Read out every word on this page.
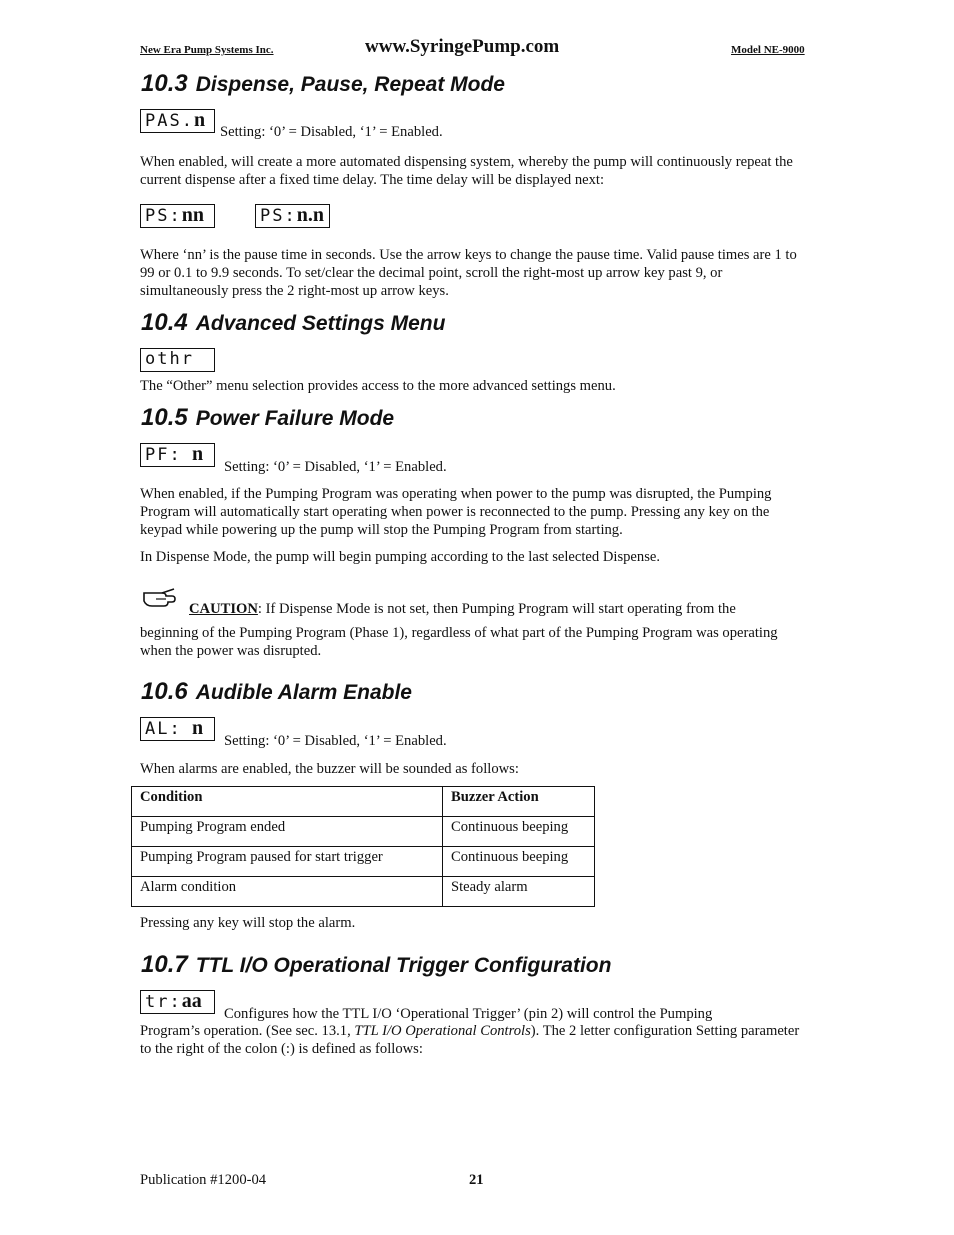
New Era Pump Systems Inc.	www.SyringePump.com	Model NE-9000
10.3 Dispense, Pause, Repeat Mode
PAS.n
Setting: ‘0’ = Disabled, ‘1’ = Enabled.
When enabled, will create a more automated dispensing system, whereby the pump will continuously repeat the current dispense after a fixed time delay. The time delay will be displayed next:
PS:nn	PS:n.n
Where ‘nn’ is the pause time in seconds. Use the arrow keys to change the pause time. Valid pause times are 1 to 99 or 0.1 to 9.9 seconds. To set/clear the decimal point, scroll the right-most up arrow key past 9, or simultaneously press the 2 right-most up arrow keys.
10.4 Advanced Settings Menu
othr
The “Other” menu selection provides access to the more advanced settings menu.
10.5 Power Failure Mode
PF: n
Setting: ‘0’ = Disabled, ‘1’ = Enabled.
When enabled, if the Pumping Program was operating when power to the pump was disrupted, the Pumping Program will automatically start operating when power is reconnected to the pump. Pressing any key on the keypad while powering up the pump will stop the Pumping Program from starting.
In Dispense Mode, the pump will begin pumping according to the last selected Dispense.
CAUTION: If Dispense Mode is not set, then Pumping Program will start operating from the
beginning of the Pumping Program (Phase 1), regardless of what part of the Pumping Program was operating when the power was disrupted.
10.6 Audible Alarm Enable
AL: n
Setting: ‘0’ = Disabled, ‘1’ = Enabled.
When alarms are enabled, the buzzer will be sounded as follows:
Condition	Buzzer Action
Pumping Program ended	Continuous beeping
Pumping Program paused for start trigger	Continuous beeping
Alarm condition	Steady alarm
Pressing any key will stop the alarm.
10.7 TTL I/O Operational Trigger Configuration
tr:aa
Configures how the TTL I/O ‘Operational Trigger’ (pin 2) will control the Pumping
Program’s operation. (See sec. 13.1, TTL I/O Operational Controls). The 2 letter configuration Setting parameter to the right of the colon (:) is defined as follows:
Publication #1200-04	21
